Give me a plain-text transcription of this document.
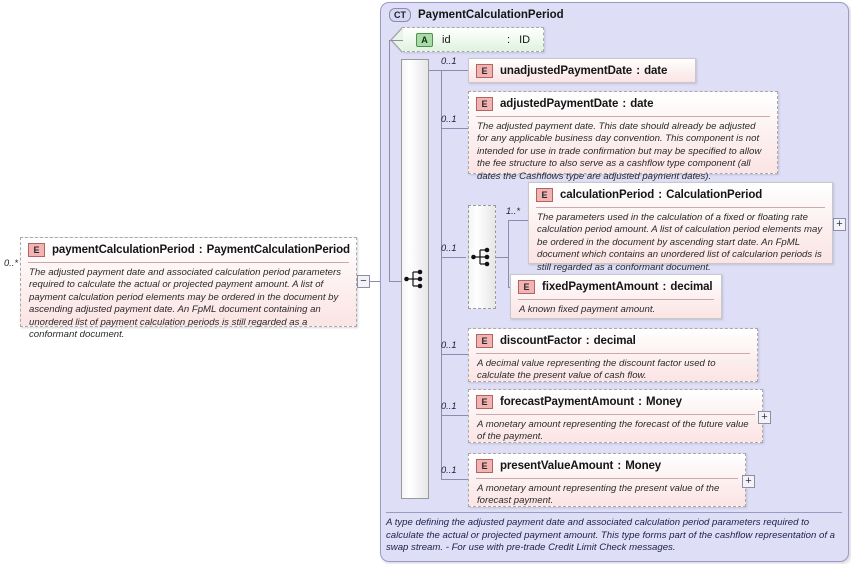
E	paymentCalculationPeriod : PaymentCalculationPeriod
The adjusted payment date and associated calculation period parameters required to calculate the actual or projected payment amount. A list of payment calculation period elements may be ordered in the document by ascending adjusted payment date. An FpML document containing an unordered list of payment calculation periods is still regarded as a conformant document.
0..*
−
CT	PaymentCalculationPeriod
A type defining the adjusted payment date and associated calculation period parameters required to calculate the actual or projected payment amount. This type forms part of the cashflow representation of a swap stream. - For use with pre-trade Credit Limit Check messages.
A	id	: ID
0..1
0..1
0..1
0..1
0..1
0..1
E	unadjustedPaymentDate : date
E	adjustedPaymentDate : date
The adjusted payment date. This date should already be adjusted for any applicable business day convention. This component is not intended for use in trade confirmation but may be specified to allow the fee structure to also serve as a cashflow type component (all dates the Cashflows type are adjusted payment dates).
1..*
E	calculationPeriod : CalculationPeriod
The parameters used in the calculation of a fixed or floating rate calculation period amount. A list of calculation period elements may be ordered in the document by ascending start date. An FpML document which contains an unordered list of calcularion periods is still regarded as a conformant document.
+
E	fixedPaymentAmount : decimal
A known fixed payment amount.
E	discountFactor : decimal
A decimal value representing the discount factor used to calculate the present value of cash flow.
E	forecastPaymentAmount : Money
A monetary amount representing the forecast of the future value of the payment.
+
E	presentValueAmount : Money
A monetary amount representing the present value of the forecast payment.
+
